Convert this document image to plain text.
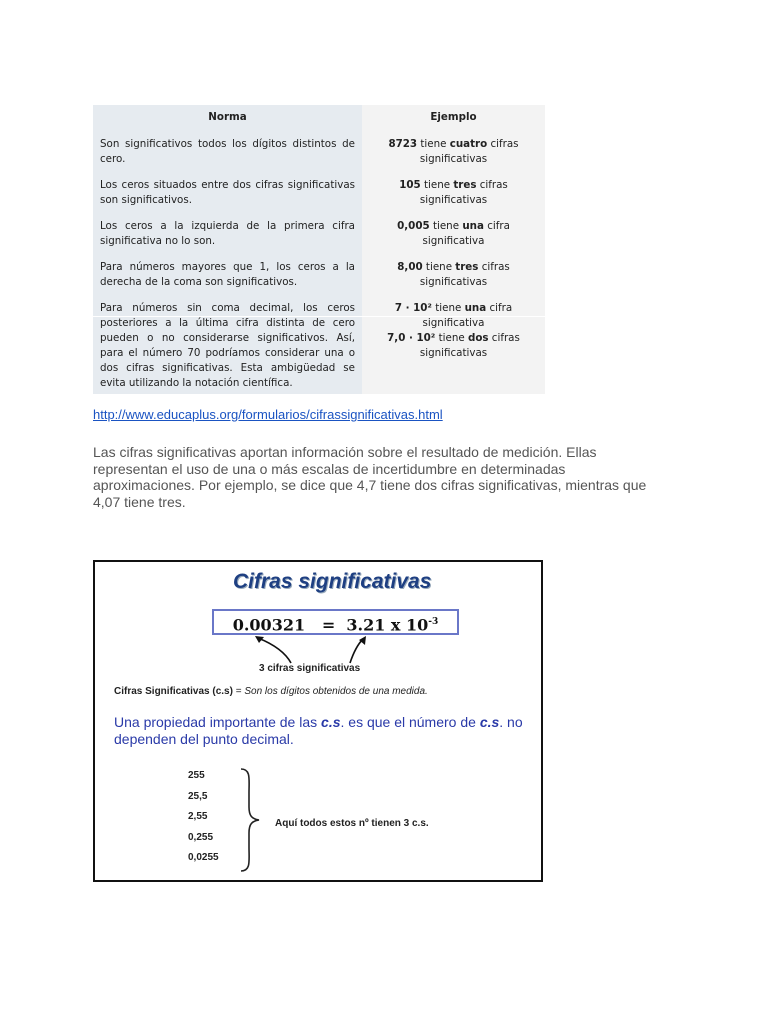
Norma	Ejemplo
Son significativos todos los dígitos distintos de cero.
8723 tiene cuatro cifras significativas
Los ceros situados entre dos cifras significativas son significativos.
105 tiene tres cifras significativas
Los ceros a la izquierda de la primera cifra significativa no lo son.
0,005 tiene una cifra significativa
Para números mayores que 1, los ceros a la derecha de la coma son significativos.
8,00 tiene tres cifras significativas
Para números sin coma decimal, los ceros posteriores a la última cifra distinta de cero pueden o no considerarse significativos. Así, para el número 70 podríamos considerar una o dos cifras significativas. Esta ambigüedad se evita utilizando la notación científica.
7 · 10² tiene una cifra significativa
7,0 · 10² tiene dos cifras significativas
http://www.educaplus.org/formularios/cifrassignificativas.html
Las cifras significativas aportan información sobre el resultado de medición. Ellas representan el uso de una o más escalas de incertidumbre en determinadas aproximaciones. Por ejemplo, se dice que 4,7 tiene dos cifras significativas, mientras que 4,07 tiene tres.
Cifras significativas
0.00321 = 3.21 x $10^{-3}$
3 cifras significativas
Cifras Significativas (c.s) = Son los dígitos obtenidos de una medida.
Una propiedad importante de las c.s. es que el número de c.s. no dependen del punto decimal.
255
25,5
2,55
0,255
0,0255
Aquí todos estos nº tienen 3 c.s.
